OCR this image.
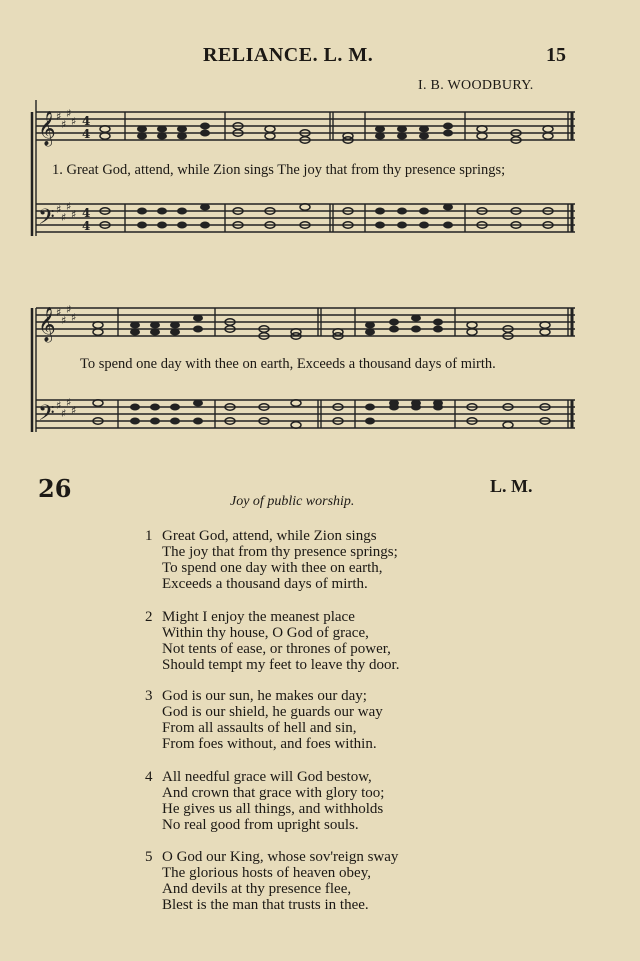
RELIANCE. L. M.	15
I. B. WOODBURY.
𝄞
𝄢
♯
♯
♯
♯
♯
♯
♯
♯
4
4
4
4
1. Great God, attend, while Zion sings The joy that from thy presence springs;
𝄞
𝄢
♯
♯
♯
♯
♯
♯
♯
♯
To spend one day with thee on earth, Exceeds a thousand days of mirth.
26	L. M.
Joy of public worship.
1 Great God, attend, while Zion sings
The joy that from thy presence springs;
To spend one day with thee on earth,
Exceeds a thousand days of mirth.
2 Might I enjoy the meanest place
Within thy house, O God of grace,
Not tents of ease, or thrones of power,
Should tempt my feet to leave thy door.
3 God is our sun, he makes our day;
God is our shield, he guards our way
From all assaults of hell and sin,
From foes without, and foes within.
4 All needful grace will God bestow,
And crown that grace with glory too;
He gives us all things, and withholds
No real good from upright souls.
5 O God our King, whose sov'reign sway
The glorious hosts of heaven obey,
And devils at thy presence flee,
Blest is the man that trusts in thee.
